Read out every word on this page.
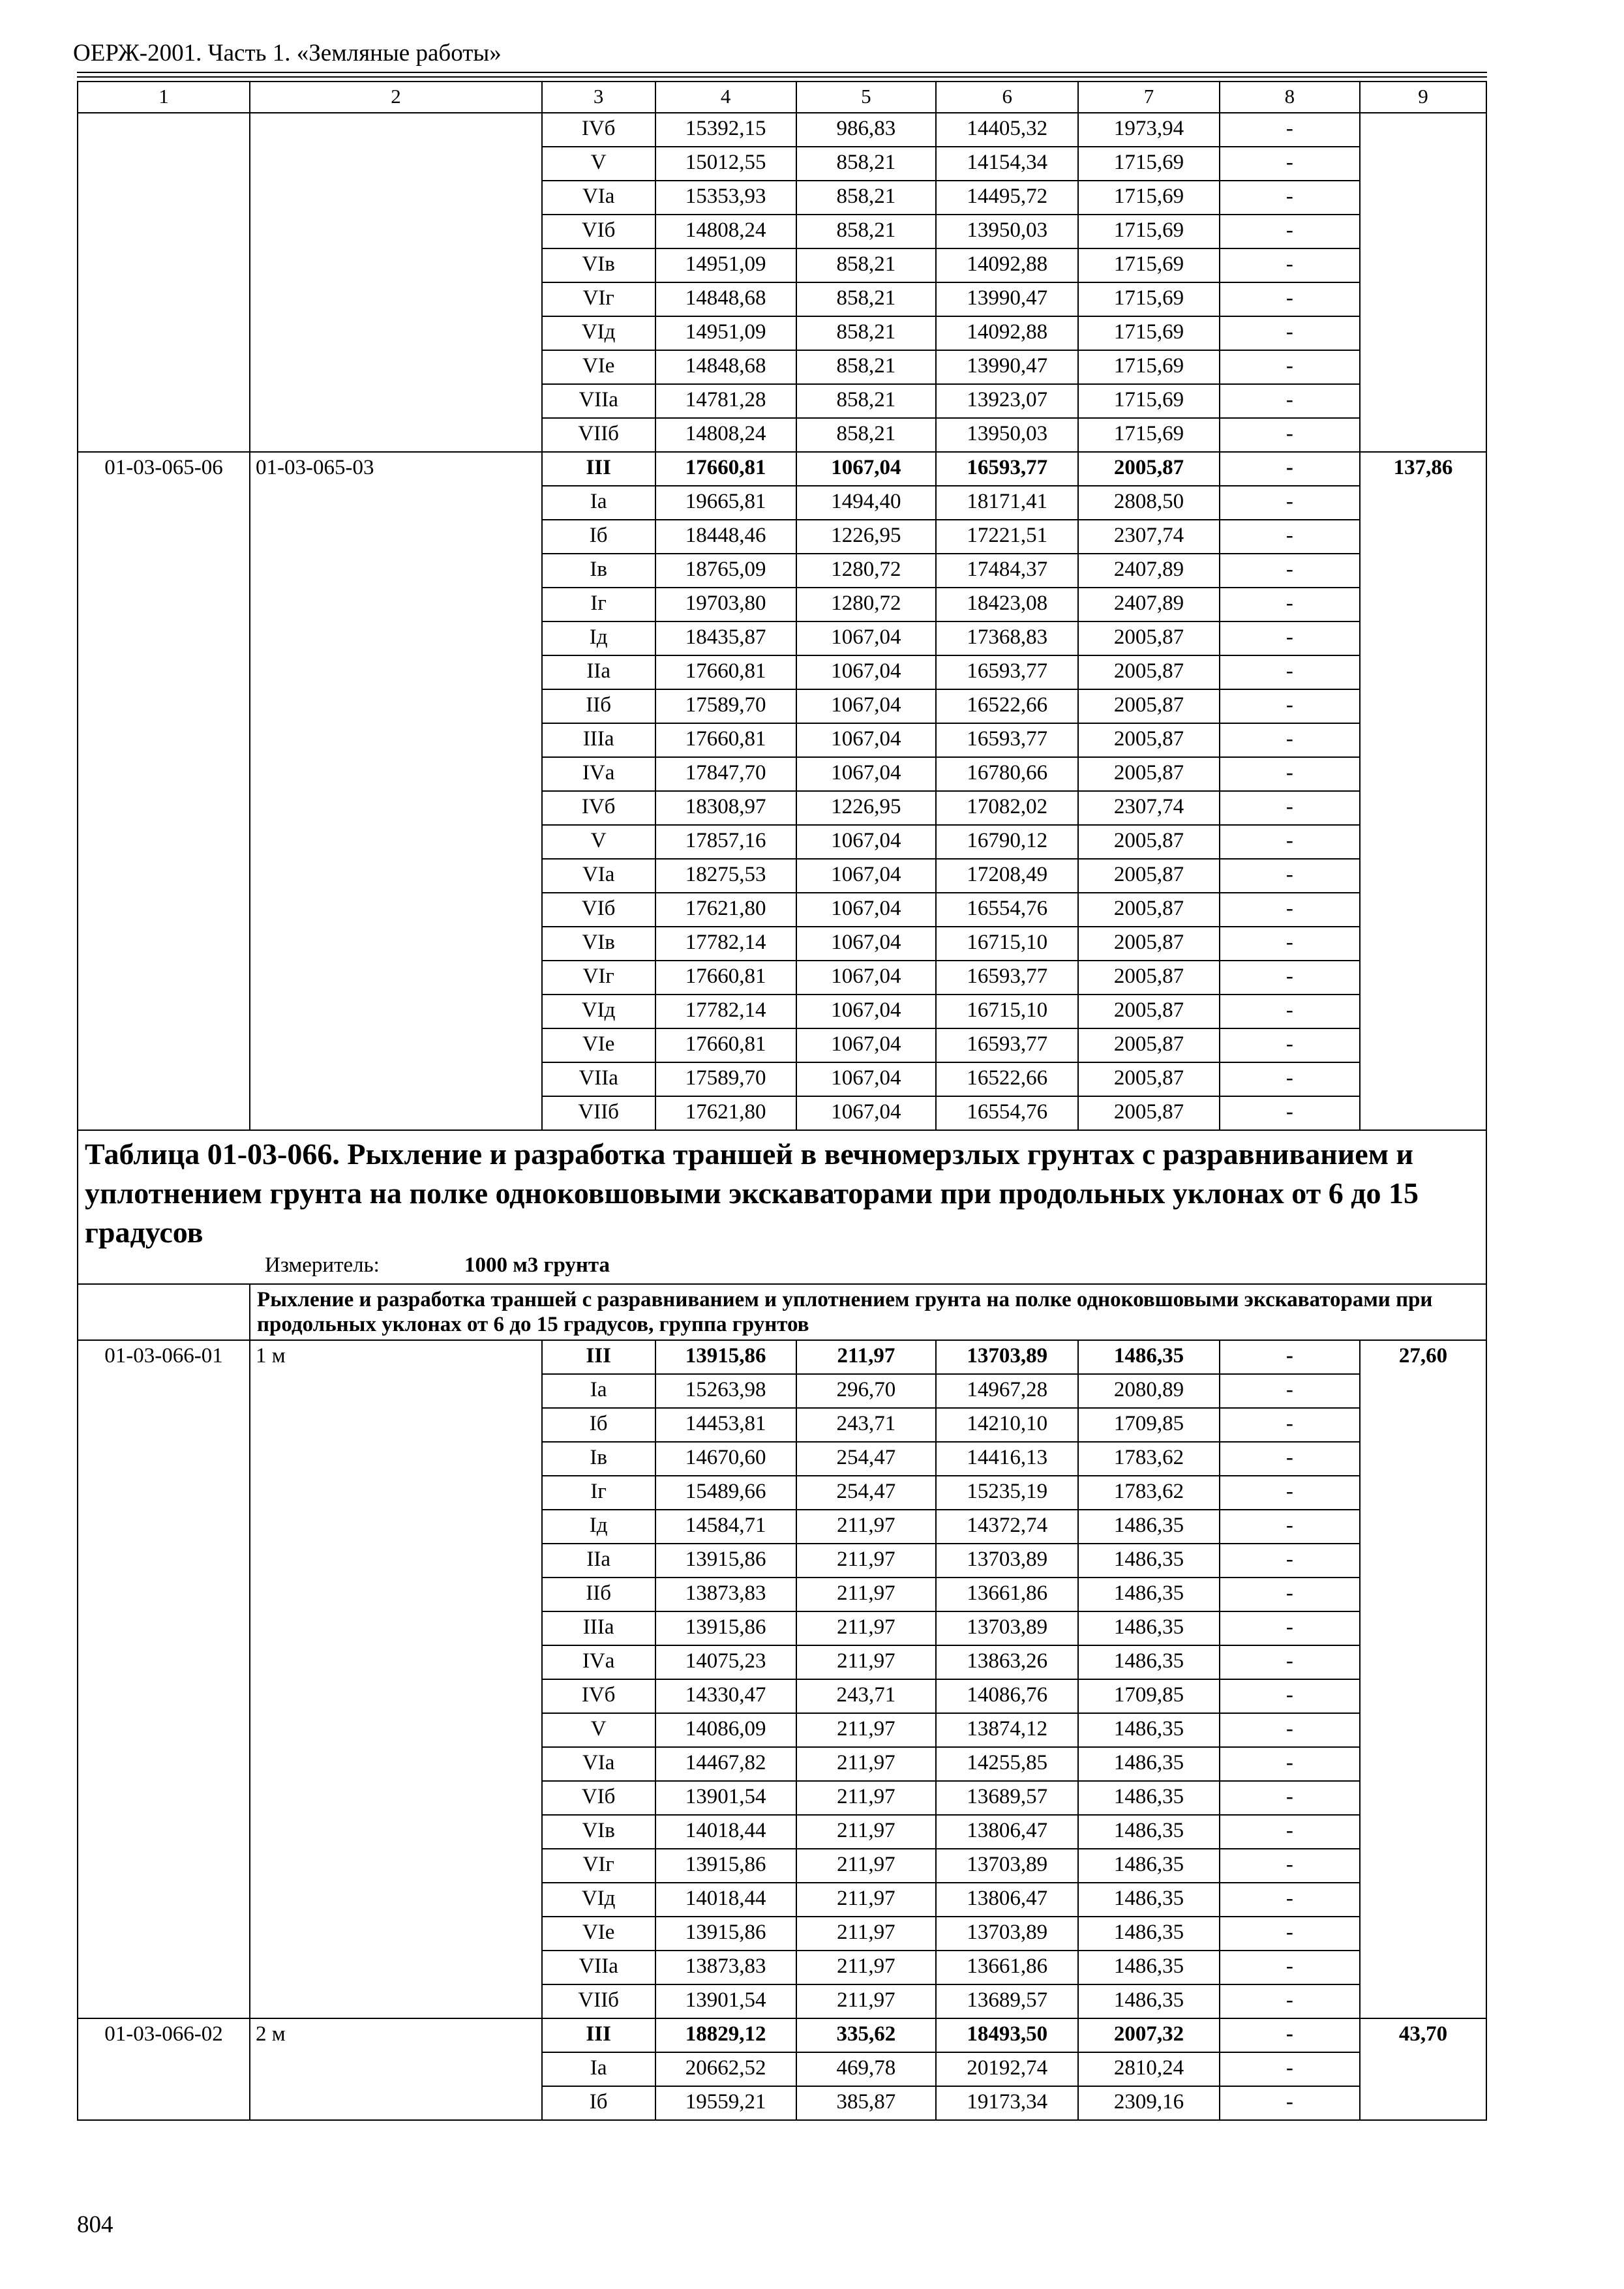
ОЕРЖ-2001. Часть 1. «Земляные работы»
1	2	3	4	5	6	7	8	9
		IVб	15392,15	986,83	14405,32	1973,94	-	
		V	15012,55	858,21	14154,34	1715,69	-	
		VIа	15353,93	858,21	14495,72	1715,69	-	
		VIб	14808,24	858,21	13950,03	1715,69	-	
		VIв	14951,09	858,21	14092,88	1715,69	-	
		VIг	14848,68	858,21	13990,47	1715,69	-	
		VIд	14951,09	858,21	14092,88	1715,69	-	
		VIе	14848,68	858,21	13990,47	1715,69	-	
		VIIа	14781,28	858,21	13923,07	1715,69	-	
		VIIб	14808,24	858,21	13950,03	1715,69	-	
01-03-065-06	01-03-065-03	III	17660,81	1067,04	16593,77	2005,87	-	137,86
		Iа	19665,81	1494,40	18171,41	2808,50	-	
		Iб	18448,46	1226,95	17221,51	2307,74	-	
		Iв	18765,09	1280,72	17484,37	2407,89	-	
		Iг	19703,80	1280,72	18423,08	2407,89	-	
		Iд	18435,87	1067,04	17368,83	2005,87	-	
		IIа	17660,81	1067,04	16593,77	2005,87	-	
		IIб	17589,70	1067,04	16522,66	2005,87	-	
		IIIа	17660,81	1067,04	16593,77	2005,87	-	
		IVа	17847,70	1067,04	16780,66	2005,87	-	
		IVб	18308,97	1226,95	17082,02	2307,74	-	
		V	17857,16	1067,04	16790,12	2005,87	-	
		VIа	18275,53	1067,04	17208,49	2005,87	-	
		VIб	17621,80	1067,04	16554,76	2005,87	-	
		VIв	17782,14	1067,04	16715,10	2005,87	-	
		VIг	17660,81	1067,04	16593,77	2005,87	-	
		VIд	17782,14	1067,04	16715,10	2005,87	-	
		VIе	17660,81	1067,04	16593,77	2005,87	-	
		VIIа	17589,70	1067,04	16522,66	2005,87	-	
		VIIб	17621,80	1067,04	16554,76	2005,87	-	

Таблица 01-03-066. Рыхление и разработка траншей в вечномерзлых грунтах с разравниванием и уплотнением грунта на полке одноковшовыми экскаваторами при продольных уклонах от 6 до 15 градусов
Измеритель: 1000 м3 грунта								

	Рыхление и разработка траншей с разравниванием и уплотнением грунта на полке одноковшовыми экскаваторами при продольных уклонах от 6 до 15 градусов, группа грунтов							
01-03-066-01	1 м	III	13915,86	211,97	13703,89	1486,35	-	27,60
		Iа	15263,98	296,70	14967,28	2080,89	-	
		Iб	14453,81	243,71	14210,10	1709,85	-	
		Iв	14670,60	254,47	14416,13	1783,62	-	
		Iг	15489,66	254,47	15235,19	1783,62	-	
		Iд	14584,71	211,97	14372,74	1486,35	-	
		IIа	13915,86	211,97	13703,89	1486,35	-	
		IIб	13873,83	211,97	13661,86	1486,35	-	
		IIIа	13915,86	211,97	13703,89	1486,35	-	
		IVа	14075,23	211,97	13863,26	1486,35	-	
		IVб	14330,47	243,71	14086,76	1709,85	-	
		V	14086,09	211,97	13874,12	1486,35	-	
		VIа	14467,82	211,97	14255,85	1486,35	-	
		VIб	13901,54	211,97	13689,57	1486,35	-	
		VIв	14018,44	211,97	13806,47	1486,35	-	
		VIг	13915,86	211,97	13703,89	1486,35	-	
		VIд	14018,44	211,97	13806,47	1486,35	-	
		VIе	13915,86	211,97	13703,89	1486,35	-	
		VIIа	13873,83	211,97	13661,86	1486,35	-	
		VIIб	13901,54	211,97	13689,57	1486,35	-	
01-03-066-02	2 м	III	18829,12	335,62	18493,50	2007,32	-	43,70
		Iа	20662,52	469,78	20192,74	2810,24	-	
		Iб	19559,21	385,87	19173,34	2309,16	-	
804
